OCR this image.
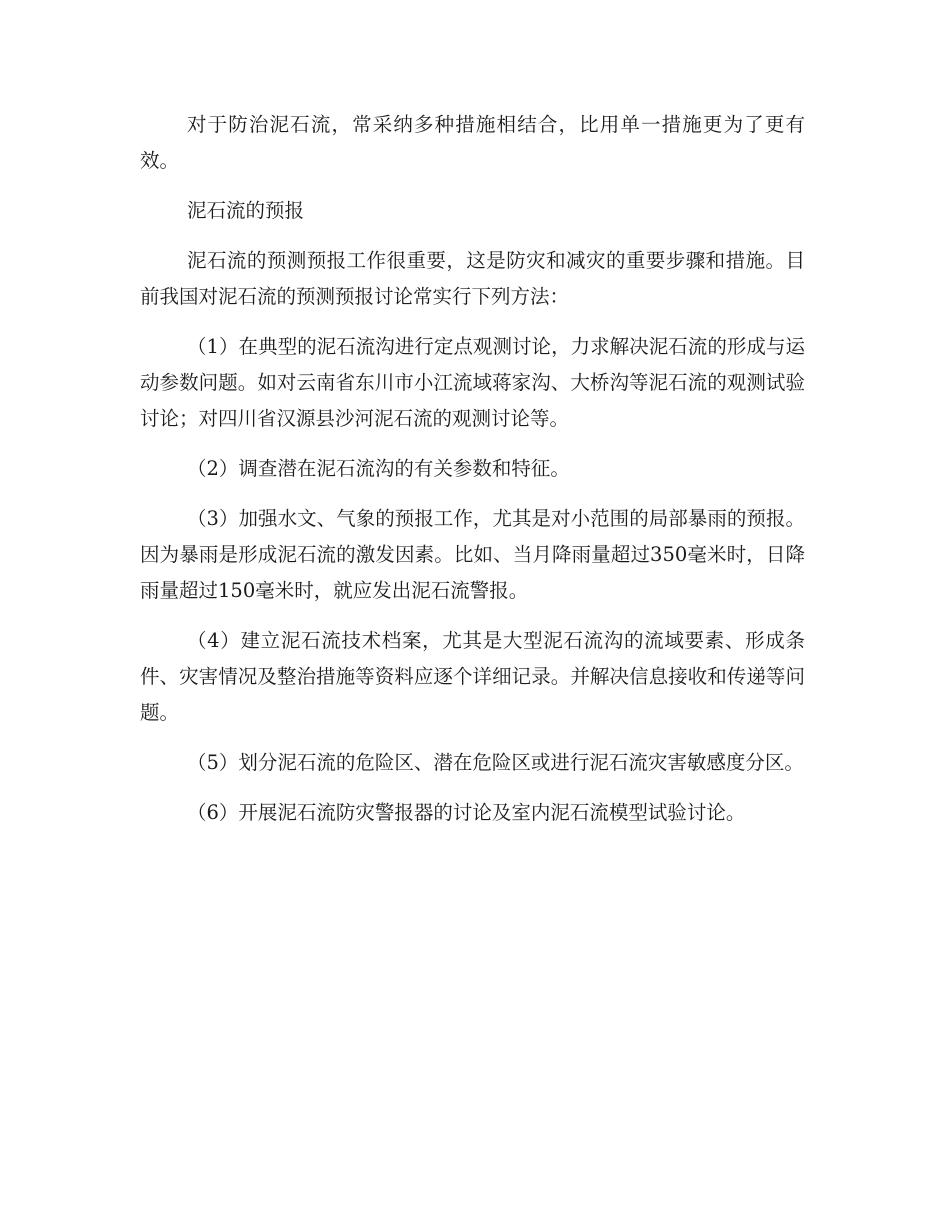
对于防治泥石流，常采纳多种措施相结合，比用单一措施更为了更有效。

泥石流的预报

泥石流的预测预报工作很重要，这是防灾和减灾的重要步骤和措施。目前我国对泥石流的预测预报讨论常实行下列方法：

（1）在典型的泥石流沟进行定点观测讨论，力求解决泥石流的形成与运动参数问题。如对云南省东川市小江流域蒋家沟、大桥沟等泥石流的观测试验讨论；对四川省汉源县沙河泥石流的观测讨论等。

（2）调查潜在泥石流沟的有关参数和特征。

（3）加强水文、气象的预报工作，尤其是对小范围的局部暴雨的预报。因为暴雨是形成泥石流的激发因素。比如、当月降雨量超过350毫米时，日降雨量超过150毫米时，就应发出泥石流警报。

（4）建立泥石流技术档案，尤其是大型泥石流沟的流域要素、形成条件、灾害情况及整治措施等资料应逐个详细记录。并解决信息接收和传递等问题。

（5）划分泥石流的危险区、潜在危险区或进行泥石流灾害敏感度分区。

（6）开展泥石流防灾警报器的讨论及室内泥石流模型试验讨论。
